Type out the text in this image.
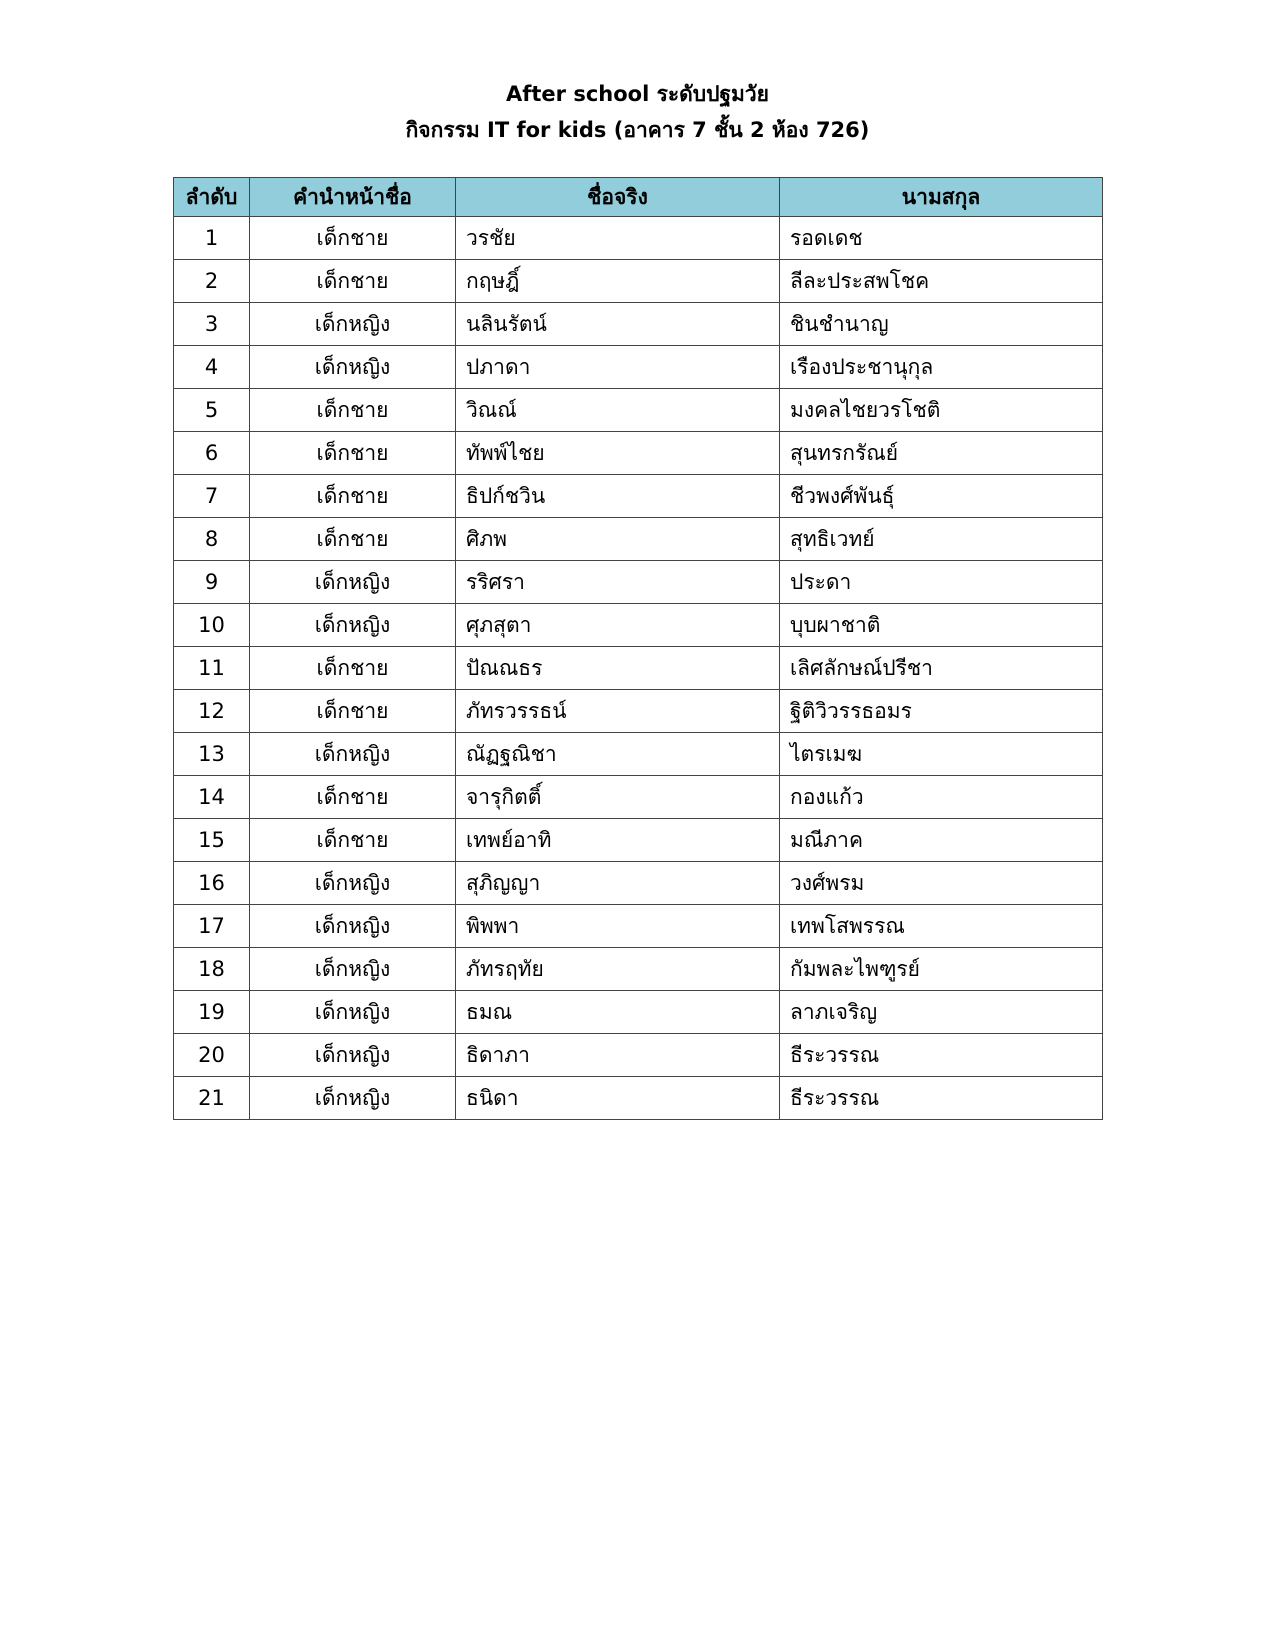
After school ระดับปฐมวัย

กิจกรรม IT for kids (อาคาร 7 ชั้น 2 ห้อง 726)

ลำดับ	คำนำหน้าชื่อ	ชื่อจริง	นามสกุล
1	เด็กชาย	วรชัย	รอดเดช
2	เด็กชาย	กฤษฎิ์	ลีละประสพโชค
3	เด็กหญิง	นลินรัตน์	ชินชำนาญ
4	เด็กหญิง	ปภาดา	เรืองประชานุกุล
5	เด็กชาย	วิณณ์	มงคลไชยวรโชติ
6	เด็กชาย	ทัพพ์ไชย	สุนทรกรัณย์
7	เด็กชาย	ธิปก์ชวิน	ชีวพงศ์พันธุ์
8	เด็กชาย	ศิภพ	สุทธิเวทย์
9	เด็กหญิง	รริศรา	ประดา
10	เด็กหญิง	ศุภสุตา	บุบผาชาติ
11	เด็กชาย	ปัณณธร	เลิศลักษณ์ปรีชา
12	เด็กชาย	ภัทรวรรธน์	ฐิติวิวรรธอมร
13	เด็กหญิง	ณัฏฐณิชา	ไตรเมฆ
14	เด็กชาย	จารุกิตติ์	กองแก้ว
15	เด็กชาย	เทพย์อาทิ	มณีภาค
16	เด็กหญิง	สุภิญญา	วงศ์พรม
17	เด็กหญิง	พิพพา	เทพโสพรรณ
18	เด็กหญิง	ภัทรฤทัย	กัมพละไพฑูรย์
19	เด็กหญิง	ธมณ	ลาภเจริญ
20	เด็กหญิง	ธิดาภา	ธีระวรรณ
21	เด็กหญิง	ธนิดา	ธีระวรรณ
